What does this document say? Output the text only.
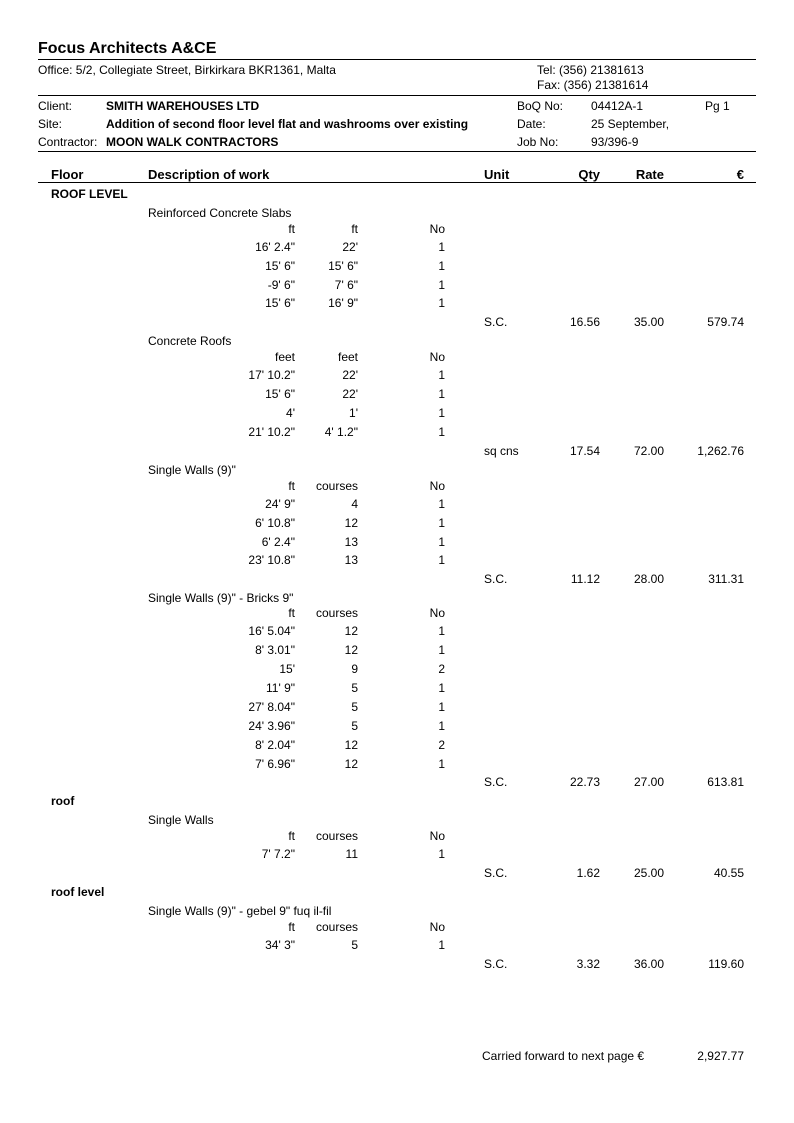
Focus Architects A&CE
Office: 5/2, Collegiate Street, Birkirkara BKR1361, Malta	Tel: (356) 21381613
Fax: (356) 21381614
Client:	SMITH WAREHOUSES LTD
Site:	Addition of second floor level flat and washrooms over existing
Contractor: MOON WALK CONTRACTORS
BoQ No: 04412A-1	Pg 1
Date:	25 September,
Job No:	93/396-9
Floor	Description of work	Unit	Qty	Rate	€
ROOF LEVEL
Reinforced Concrete Slabs
ft	ft	No
16' 2.4"	22'	1
15' 6"	15' 6"	1
-9' 6"	7' 6"	1
15' 6"	16' 9"	1
S.C.	16.56	35.00	579.74
Concrete Roofs
feet	feet	No
17' 10.2"	22'	1
15' 6"	22'	1
4'	1'	1
21' 10.2"	4' 1.2"	1
sq cns	17.54	72.00	1,262.76
Single Walls (9)"
ft	courses	No
24' 9"	4	1
6' 10.8"	12	1
6' 2.4"	13	1
23' 10.8"	13	1
S.C.	11.12	28.00	311.31
Single Walls (9)" - Bricks 9"
ft	courses	No
16' 5.04"	12	1
8' 3.01"	12	1
15'	9	2
11' 9"	5	1
27' 8.04"	5	1
24' 3.96"	5	1
8' 2.04"	12	2
7' 6.96"	12	1
S.C.	22.73	27.00	613.81
roof
Single Walls
ft	courses	No
7' 7.2"	11	1
S.C.	1.62	25.00	40.55
roof level
Single Walls (9)" - gebel 9" fuq il-fil
ft	courses	No
34' 3"	5	1
S.C.	3.32	36.00	119.60
Carried forward to next page €	2,927.77
